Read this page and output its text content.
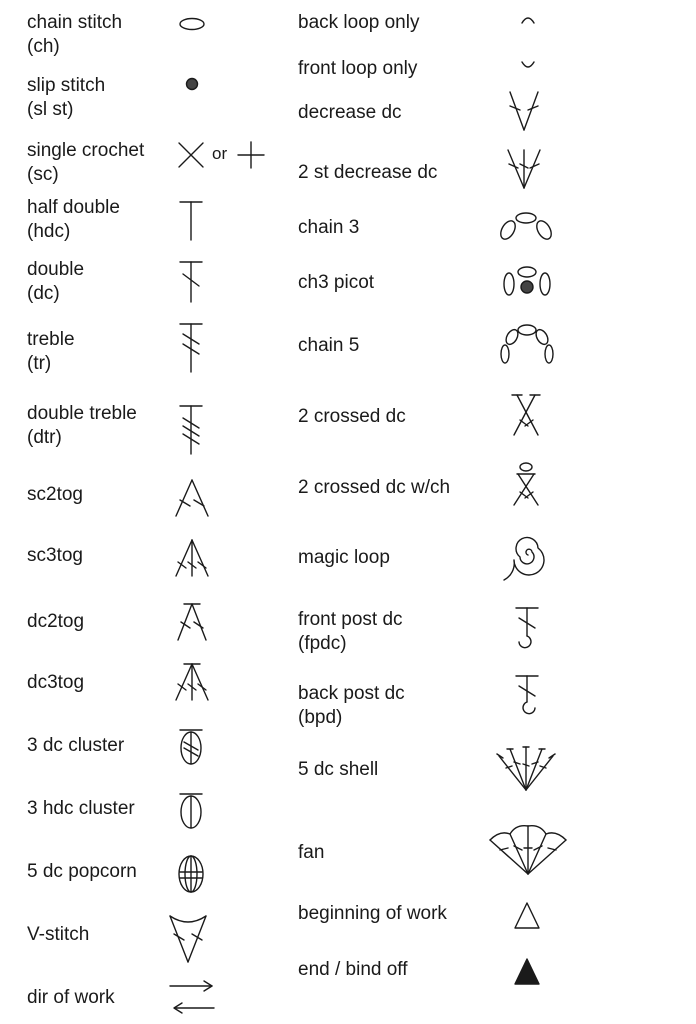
chain stitch
(ch)
slip stitch
(sl st)
single crochet
(sc)
half double
(hdc)
double
(dc)
treble
(tr)
double treble
(dtr)
sc2tog
sc3tog
dc2tog
dc3tog
3 dc cluster
3 hdc cluster
5 dc popcorn
V-stitch
dir of work
back loop only
front loop only
decrease dc
2 st decrease dc
chain 3
ch3 picot
chain 5
2 crossed dc
2 crossed dc w/ch
magic loop
front post dc
(fpdc)
back post dc
(bpd)
5 dc shell
fan
beginning of work
end / bind off
or
